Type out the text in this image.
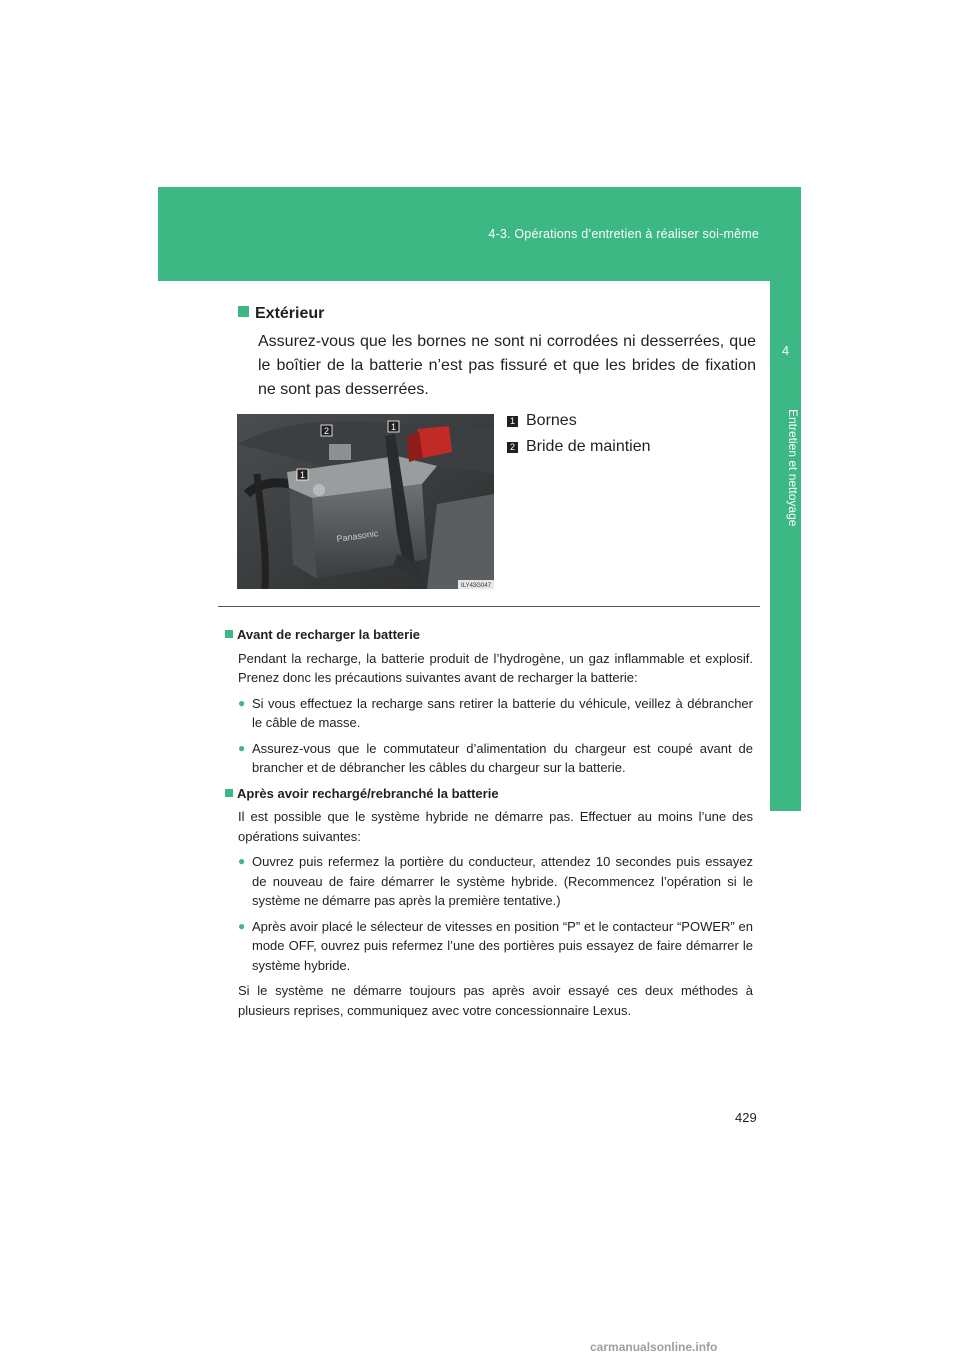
4-3. Opérations d’entretien à réaliser soi-même
4
Entretien et nettoyage
Extérieur
Assurez-vous que les bornes ne sont ni corrodées ni desserrées, que le boîtier de la batterie n’est pas fissuré et que les brides de fixation ne sont pas desserrées.
Panasonic
1
2
1
ILY43G047
1 Bornes
2 Bride de maintien
Avant de recharger la batterie
Pendant la recharge, la batterie produit de l’hydrogène, un gaz inflammable et explosif. Prenez donc les précautions suivantes avant de recharger la batterie:
● Si vous effectuez la recharge sans retirer la batterie du véhicule, veillez à débrancher le câble de masse.
● Assurez-vous que le commutateur d’alimentation du chargeur est coupé avant de brancher et de débrancher les câbles du chargeur sur la batterie.
Après avoir rechargé/rebranché la batterie
Il est possible que le système hybride ne démarre pas. Effectuer au moins l’une des opérations suivantes:
● Ouvrez puis refermez la portière du conducteur, attendez 10 secondes puis essayez de nouveau de faire démarrer le système hybride. (Recommencez l’opération si le système ne démarre pas après la première tentative.)
● Après avoir placé le sélecteur de vitesses en position “P” et le contacteur “POWER” en mode OFF, ouvrez puis refermez l’une des portières puis essayez de faire démarrer le système hybride.
Si le système ne démarre toujours pas après avoir essayé ces deux méthodes à plusieurs reprises, communiquez avec votre concessionnaire Lexus.
429
carmanualsonline.info
